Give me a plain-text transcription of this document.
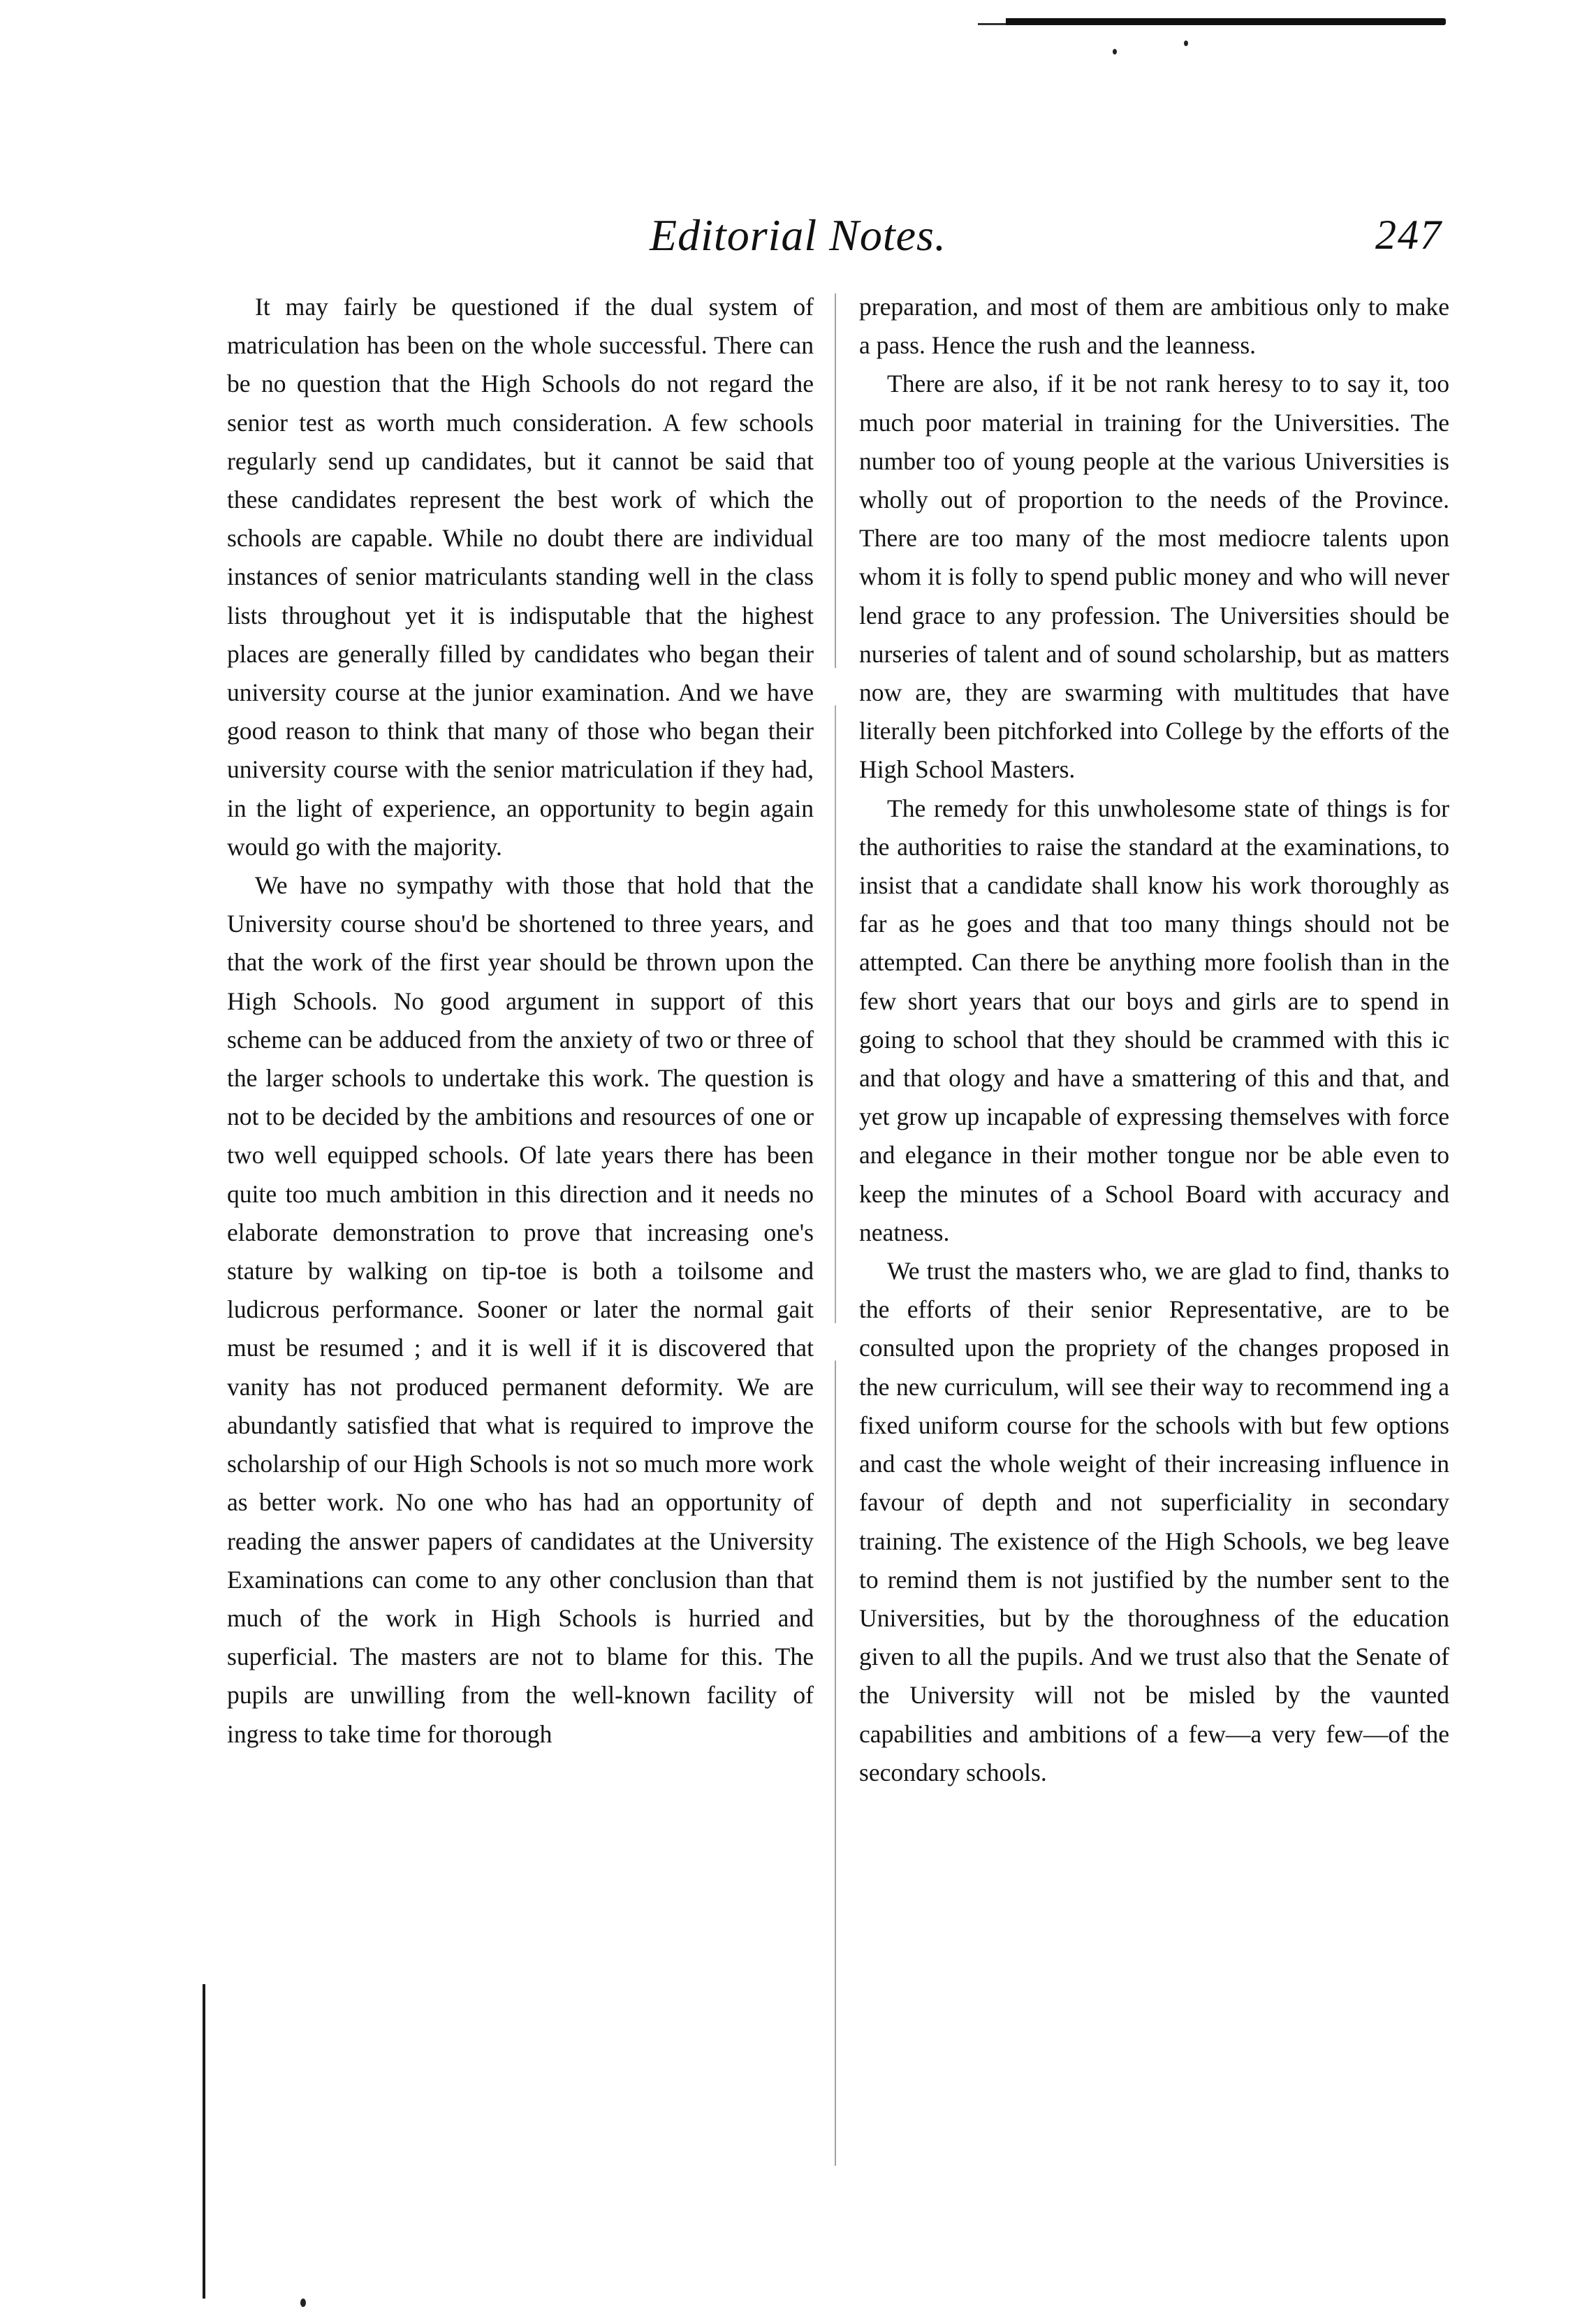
Editorial Notes.	247

It may fairly be questioned if the dual system of matriculation has been on the whole successful. There can be no question that the High Schools do not regard the senior test as worth much consideration. A few schools regularly send up candidates, but it cannot be said that these candidates represent the best work of which the schools are capable. While no doubt there are individual instances of senior matriculants standing well in the class lists throughout yet it is indisputable that the highest places are generally filled by candidates who began their university course at the junior examination. And we have good reason to think that many of those who began their university course with the senior matriculation if they had, in the light of experience, an opportunity to begin again would go with the majority.

We have no sympathy with those that hold that the University course shou'd be shortened to three years, and that the work of the first year should be thrown upon the High Schools. No good argument in support of this scheme can be adduced from the anxiety of two or three of the larger schools to undertake this work. The question is not to be decided by the ambitions and resources of one or two well equipped schools. Of late years there has been quite too much ambition in this direction and it needs no elaborate demonstration to prove that increasing one's stature by walking on tip-toe is both a toilsome and ludicrous performance. Sooner or later the normal gait must be resumed ; and it is well if it is discovered that vanity has not produced permanent deformity. We are abundantly satisfied that what is required to improve the scholarship of our High Schools is not so much more work as better work. No one who has had an opportunity of reading the answer papers of candidates at the University Examinations can come to any other conclusion than that much of the work in High Schools is hurried and superficial. The masters are not to blame for this. The pupils are unwilling from the well-known facility of ingress to take time for thorough

preparation, and most of them are ambitious only to make a pass. Hence the rush and the leanness.

There are also, if it be not rank heresy to to say it, too much poor material in training for the Universities. The number too of young people at the various Universities is wholly out of proportion to the needs of the Province. There are too many of the most mediocre talents upon whom it is folly to spend public money and who will never lend grace to any profession. The Universities should be nurseries of talent and of sound scholarship, but as matters now are, they are swarming with multitudes that have literally been pitchforked into College by the efforts of the High School Masters.

The remedy for this unwholesome state of things is for the authorities to raise the standard at the examinations, to insist that a candidate shall know his work thoroughly as far as he goes and that too many things should not be attempted. Can there be anything more foolish than in the few short years that our boys and girls are to spend in going to school that they should be crammed with this ic and that ology and have a smattering of this and that, and yet grow up incapable of expressing themselves with force and elegance in their mother tongue nor be able even to keep the minutes of a School Board with accuracy and neatness.

We trust the masters who, we are glad to find, thanks to the efforts of their senior Representative, are to be consulted upon the propriety of the changes proposed in the new curriculum, will see their way to recommend ing a fixed uniform course for the schools with but few options and cast the whole weight of their increasing influence in favour of depth and not superficiality in secondary training. The existence of the High Schools, we beg leave to remind them is not justified by the number sent to the Universities, but by the thoroughness of the education given to all the pupils. And we trust also that the Senate of the University will not be misled by the vaunted capabilities and ambitions of a few—a very few—of the secondary schools.
